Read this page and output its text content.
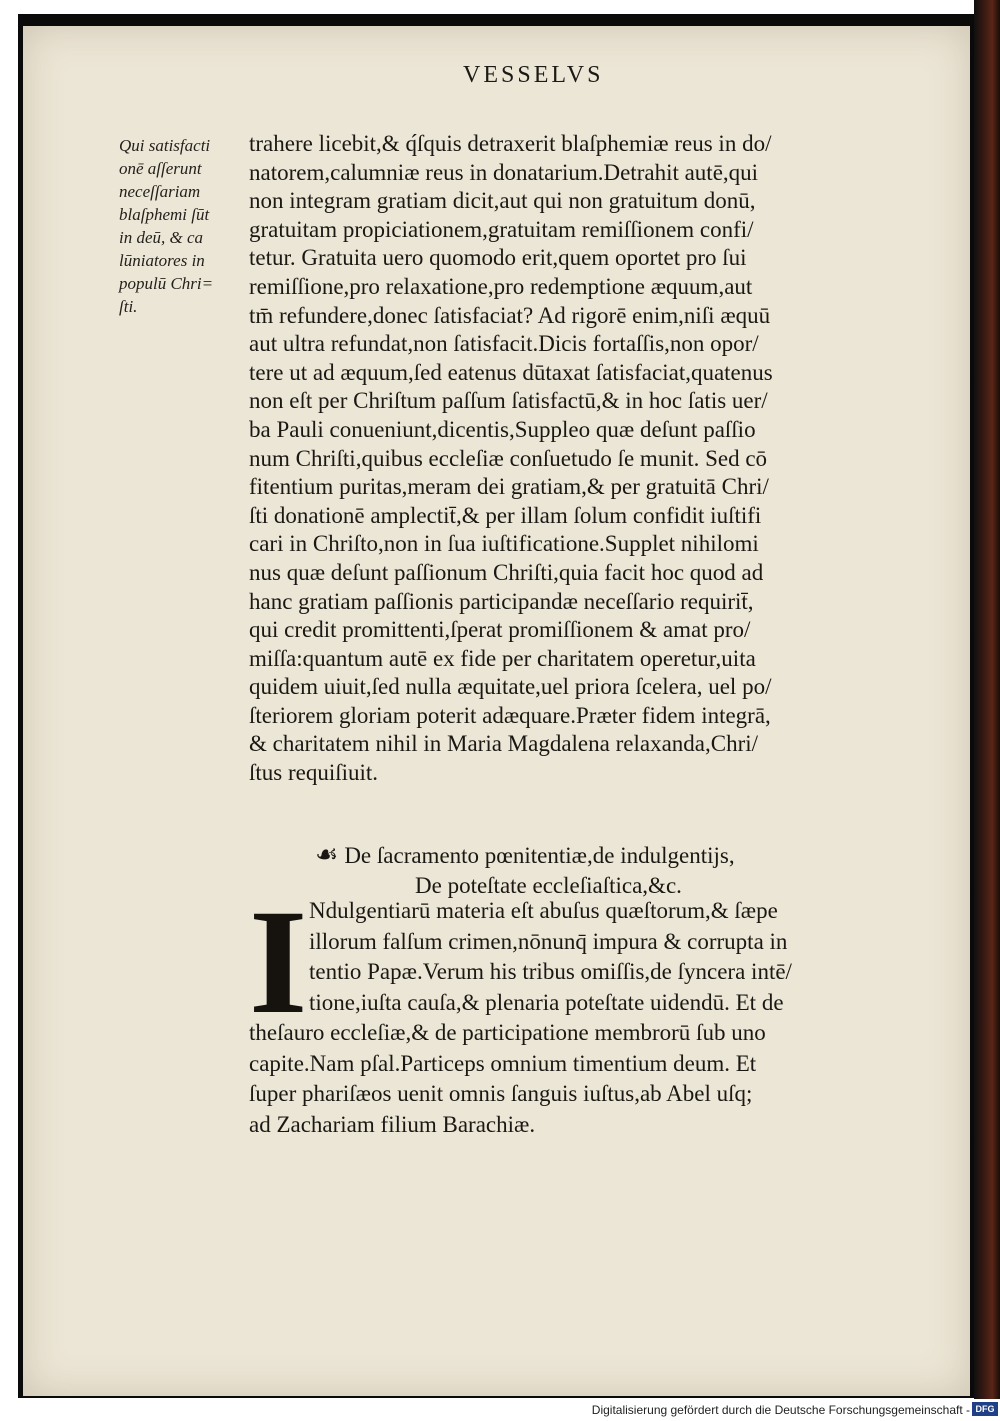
VESSELVS
Qui satisfacti
onē aſſerunt
neceſſariam
blaſphemi ſūt
in deū, & ca
lūniatores in
populū Chri=
ſti.
trahere licebit,& q́ſquis detraxerit blaſphemiæ reus in do/
natorem,calumniæ reus in donatarium.Detrahit autē,qui
non integram gratiam dicit,aut qui non gratuitum donū,
gratuitam propiciationem,gratuitam remiſſionem confi/
tetur. Gratuita uero quomodo erit,quem oportet pro ſui
remiſſione,pro relaxatione,pro redemptione æquum,aut
tm̄ refundere,donec ſatisfaciat? Ad rigorē enim,niſi æquū
aut ultra refundat,non ſatisfacit.Dicis fortaſſis,non opor/
tere ut ad æquum,ſed eatenus dūtaxat ſatisfaciat,quatenus
non eſt per Chriſtum paſſum ſatisfactū,& in hoc ſatis uer/
ba Pauli conueniunt,dicentis,Suppleo quæ deſunt paſſio
num Chriſti,quibus eccleſiæ conſuetudo ſe munit. Sed cō
fitentium puritas,meram dei gratiam,& per gratuitā Chri/
ſti donationē amplectit̄,& per illam ſolum confidit iuſtifi
cari in Chriſto,non in ſua iuſtificatione.Supplet nihilomi
nus quæ deſunt paſſionum Chriſti,quia facit hoc quod ad
hanc gratiam paſſionis participandæ neceſſario requirit̄,
qui credit promittenti,ſperat promiſſionem & amat pro/
miſſa:quantum autē ex fide per charitatem operetur,uita
quidem uiuit,ſed nulla æquitate,uel priora ſcelera, uel po/
ſteriorem gloriam poterit adæquare.Præter fidem integrā,
& charitatem nihil in Maria Magdalena relaxanda,Chri/
ſtus requiſiuit.
☙ De ſacramento pœnitentiæ,de indulgentijs,
De poteſtate eccleſiaſtica,&c.
I Ndulgentiarū materia eſt abuſus quæſtorum,& ſæpe
illorum falſum crimen,nōnunq̄ impura & corrupta in
tentio Papæ.Verum his tribus omiſſis,de ſyncera intē/
tione,iuſta cauſa,& plenaria poteſtate uidendū. Et de
theſauro eccleſiæ,& de participatione membrorū ſub uno
capite.Nam pſal.Particeps omnium timentium deum. Et
ſuper phariſæos uenit omnis ſanguis iuſtus,ab Abel uſq;
ad Zachariam filium Barachiæ.
Digitalisierung gefördert durch die Deutsche Forschungsgemeinschaft - DFG
